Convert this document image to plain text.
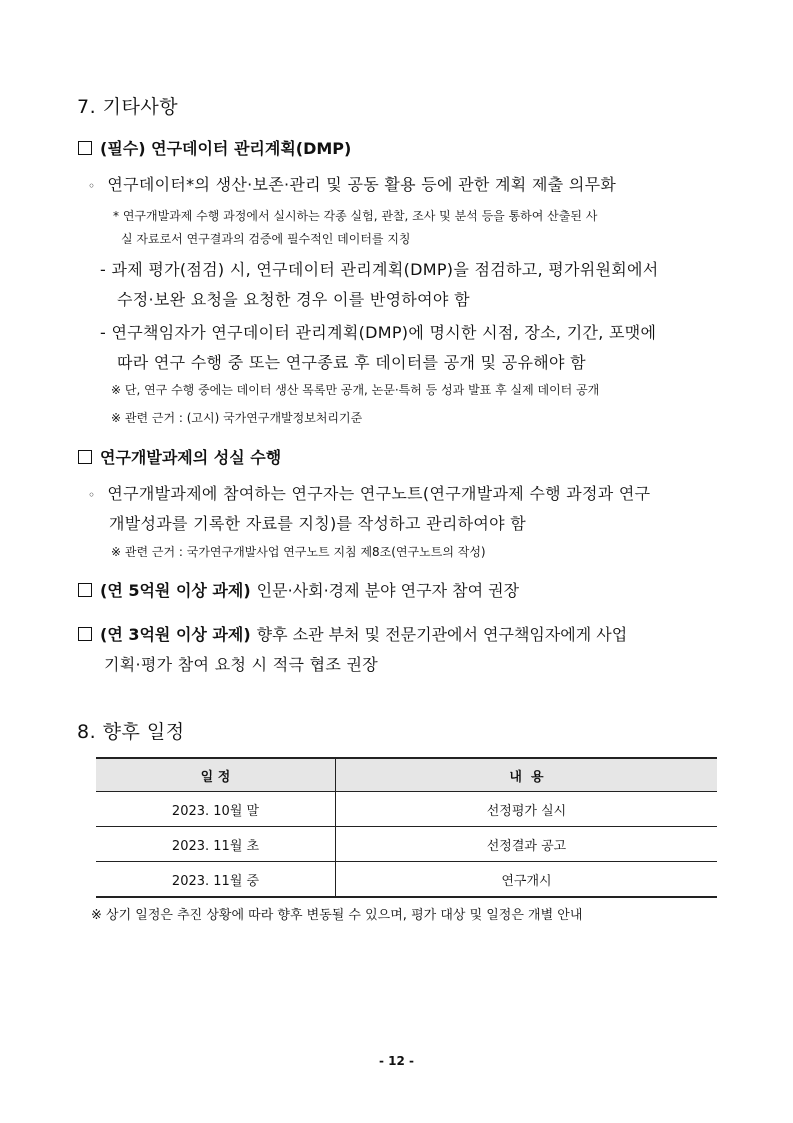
7. 기타사항
(필수) 연구데이터 관리계획(DMP)
◦ 연구데이터*의 생산·보존·관리 및 공동 활용 등에 관한 계획 제출 의무화
* 연구개발과제 수행 과정에서 실시하는 각종 실험, 관찰, 조사 및 분석 등을 통하여 산출된 사
실 자료로서 연구결과의 검증에 필수적인 데이터를 지칭
- 과제 평가(점검) 시, 연구데이터 관리계획(DMP)을 점검하고, 평가위원회에서
수정·보완 요청을 요청한 경우 이를 반영하여야 함
- 연구책임자가 연구데이터 관리계획(DMP)에 명시한 시점, 장소, 기간, 포맷에
따라 연구 수행 중 또는 연구종료 후 데이터를 공개 및 공유해야 함
※ 단, 연구 수행 중에는 데이터 생산 목록만 공개, 논문·특허 등 성과 발표 후 실제 데이터 공개
※ 관련 근거 : (고시) 국가연구개발정보처리기준
연구개발과제의 성실 수행
◦ 연구개발과제에 참여하는 연구자는 연구노트(연구개발과제 수행 과정과 연구
개발성과를 기록한 자료를 지칭)를 작성하고 관리하여야 함
※ 관련 근거 : 국가연구개발사업 연구노트 지침 제8조(연구노트의 작성)
(연 5억원 이상 과제) 인문·사회·경제 분야 연구자 참여 권장
(연 3억원 이상 과제) 향후 소관 부처 및 전문기관에서 연구책임자에게 사업
기획·평가 참여 요청 시 적극 협조 권장
8. 향후 일정
일 정	내  용
2023. 10월 말	선정평가 실시
2023. 11월 초	선정결과 공고
2023. 11월 중	연구개시
※ 상기 일정은 추진 상황에 따라 향후 변동될 수 있으며, 평가 대상 및 일정은 개별 안내
- 12 -
